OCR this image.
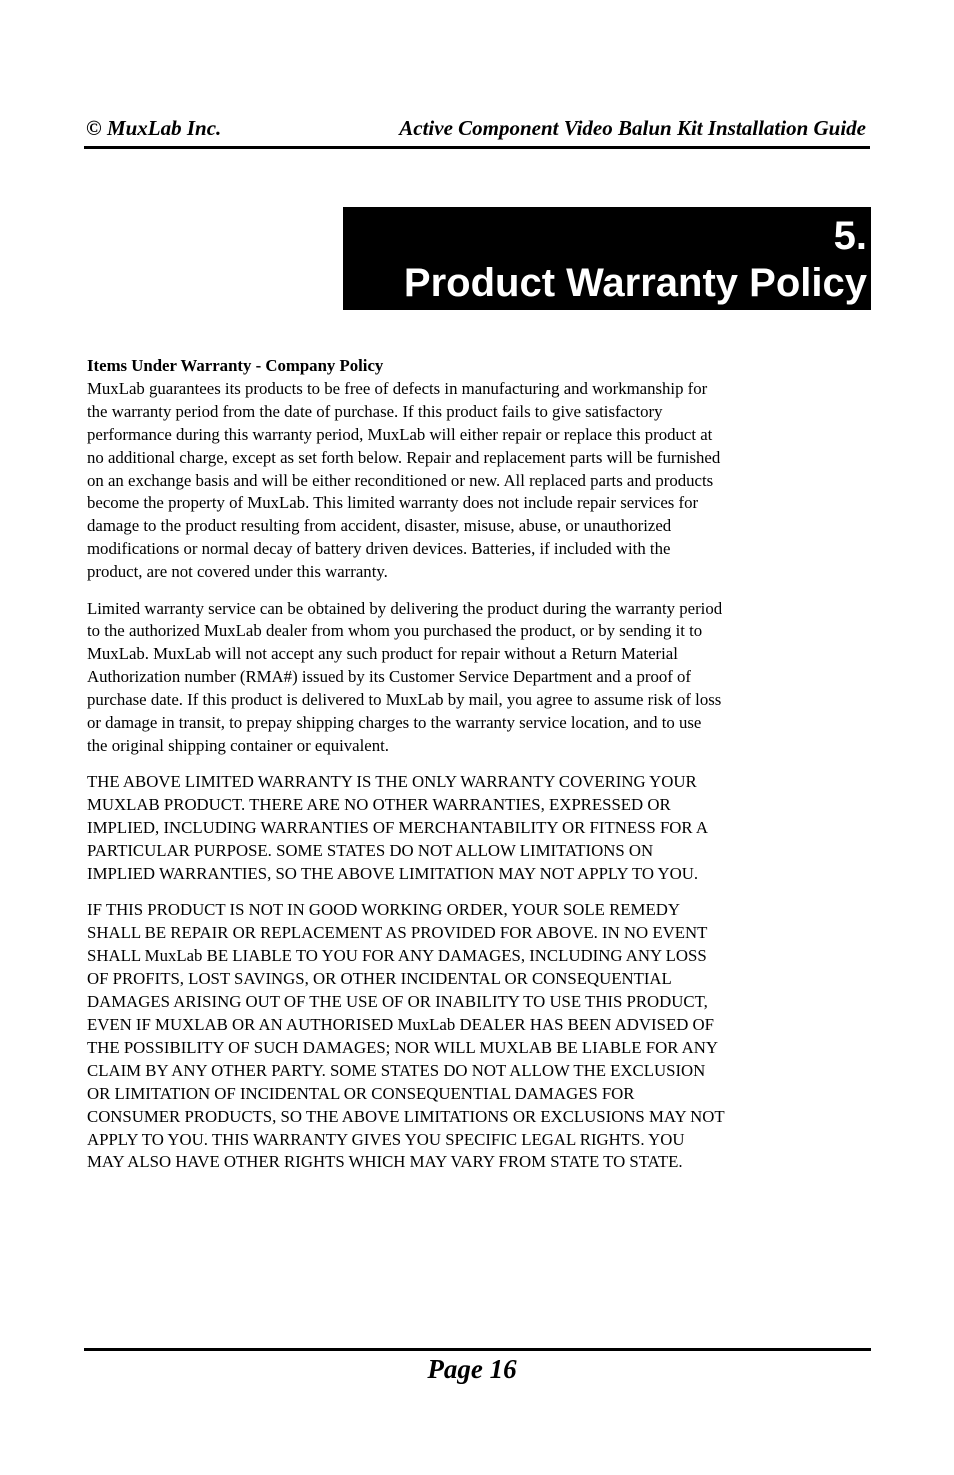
© MuxLab Inc.	Active Component Video Balun Kit Installation Guide
5.
Product Warranty Policy
Items Under Warranty - Company Policy

MuxLab guarantees its products to be free of defects in manufacturing and workmanship for
the warranty period from the date of purchase. If this product fails to give satisfactory
performance during this warranty period, MuxLab will either repair or replace this product at
no additional charge, except as set forth below. Repair and replacement parts will be furnished
on an exchange basis and will be either reconditioned or new. All replaced parts and products
become the property of MuxLab. This limited warranty does not include repair services for
damage to the product resulting from accident, disaster, misuse, abuse, or unauthorized
modifications or normal decay of battery driven devices. Batteries, if included with the
product, are not covered under this warranty.

Limited warranty service can be obtained by delivering the product during the warranty period
to the authorized MuxLab dealer from whom you purchased the product, or by sending it to
MuxLab. MuxLab will not accept any such product for repair without a Return Material
Authorization number (RMA#) issued by its Customer Service Department and a proof of
purchase date. If this product is delivered to MuxLab by mail, you agree to assume risk of loss
or damage in transit, to prepay shipping charges to the warranty service location, and to use
the original shipping container or equivalent.

THE ABOVE LIMITED WARRANTY IS THE ONLY WARRANTY COVERING YOUR
MUXLAB PRODUCT. THERE ARE NO OTHER WARRANTIES, EXPRESSED OR
IMPLIED, INCLUDING WARRANTIES OF MERCHANTABILITY OR FITNESS FOR A
PARTICULAR PURPOSE. SOME STATES DO NOT ALLOW LIMITATIONS ON
IMPLIED WARRANTIES, SO THE ABOVE LIMITATION MAY NOT APPLY TO YOU.

IF THIS PRODUCT IS NOT IN GOOD WORKING ORDER, YOUR SOLE REMEDY
SHALL BE REPAIR OR REPLACEMENT AS PROVIDED FOR ABOVE. IN NO EVENT
SHALL MuxLab BE LIABLE TO YOU FOR ANY DAMAGES, INCLUDING ANY LOSS
OF PROFITS, LOST SAVINGS, OR OTHER INCIDENTAL OR CONSEQUENTIAL
DAMAGES ARISING OUT OF THE USE OF OR INABILITY TO USE THIS PRODUCT,
EVEN IF MUXLAB OR AN AUTHORISED MuxLab DEALER HAS BEEN ADVISED OF
THE POSSIBILITY OF SUCH DAMAGES; NOR WILL MUXLAB BE LIABLE FOR ANY
CLAIM BY ANY OTHER PARTY. SOME STATES DO NOT ALLOW THE EXCLUSION
OR LIMITATION OF INCIDENTAL OR CONSEQUENTIAL DAMAGES FOR
CONSUMER PRODUCTS, SO THE ABOVE LIMITATIONS OR EXCLUSIONS MAY NOT
APPLY TO YOU. THIS WARRANTY GIVES YOU SPECIFIC LEGAL RIGHTS. YOU
MAY ALSO HAVE OTHER RIGHTS WHICH MAY VARY FROM STATE TO STATE.

Page 16
